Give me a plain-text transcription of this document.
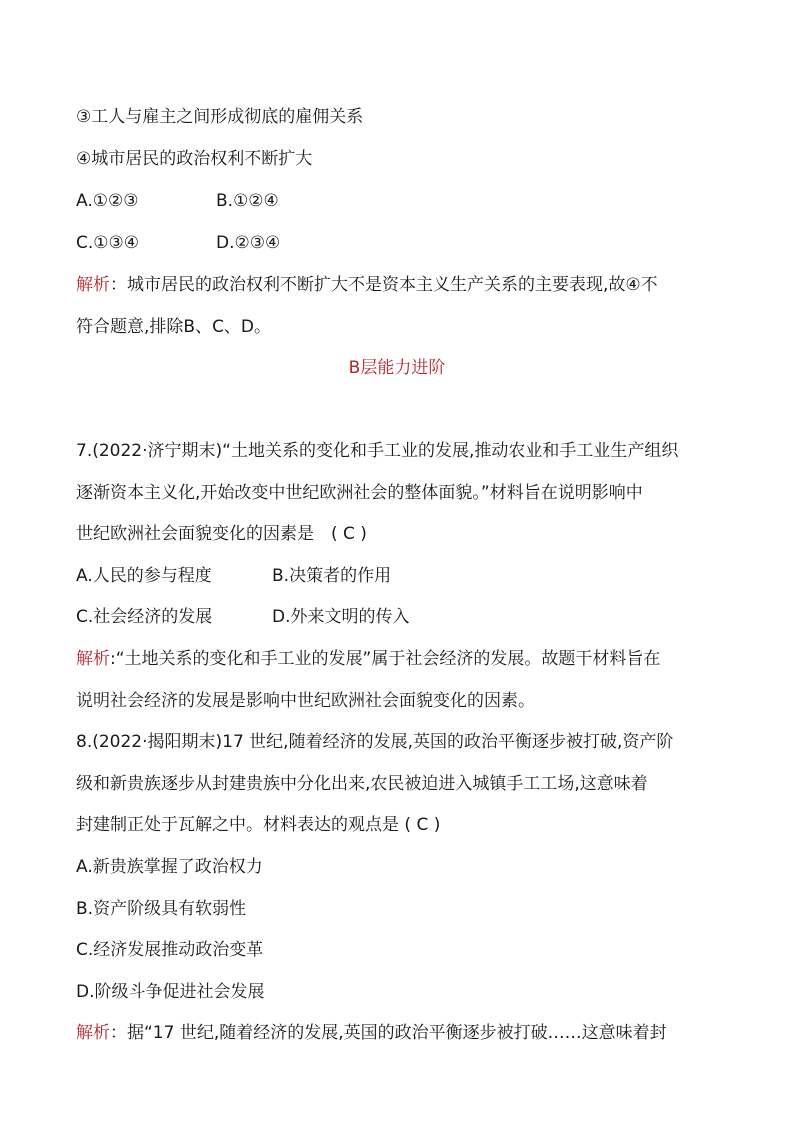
③工人与雇主之间形成彻底的雇佣关系
④城市居民的政治权利不断扩大
A.①②③	B.①②④
C.①③④	D.②③④
解析：城市居民的政治权利不断扩大不是资本主义生产关系的主要表现,故④不
符合题意,排除B、C、D。
B层能力进阶
7.(2022·济宁期末)“土地关系的变化和手工业的发展,推动农业和手工业生产组织
逐渐资本主义化,开始改变中世纪欧洲社会的整体面貌。”材料旨在说明影响中
世纪欧洲社会面貌变化的因素是　( C )
A.人民的参与程度	B.决策者的作用
C.社会经济的发展	D.外来文明的传入
解析:“土地关系的变化和手工业的发展”属于社会经济的发展。故题干材料旨在
说明社会经济的发展是影响中世纪欧洲社会面貌变化的因素。
8.(2022·揭阳期末)17 世纪,随着经济的发展,英国的政治平衡逐步被打破,资产阶
级和新贵族逐步从封建贵族中分化出来,农民被迫进入城镇手工工场,这意味着
封建制正处于瓦解之中。材料表达的观点是 ( C )
A.新贵族掌握了政治权力
B.资产阶级具有软弱性
C.经济发展推动政治变革
D.阶级斗争促进社会发展
解析：据“17 世纪,随着经济的发展,英国的政治平衡逐步被打破……这意味着封
